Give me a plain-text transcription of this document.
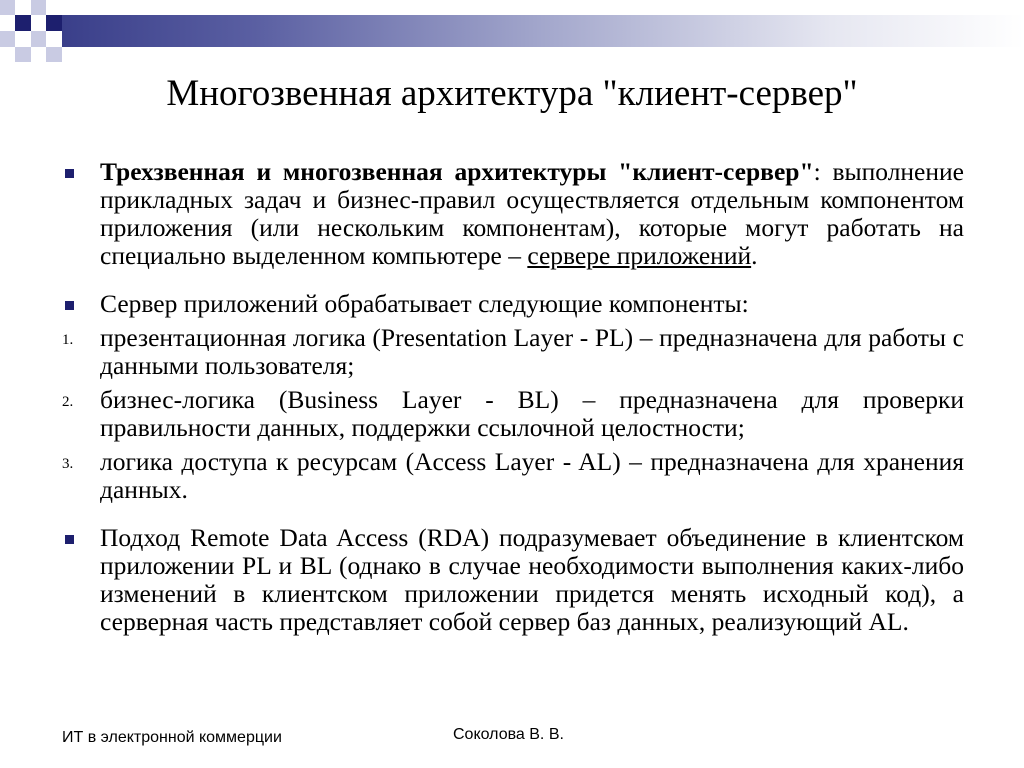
Многозвенная архитектура "клиент-сервер"
Трехзвенная и многозвенная архитектуры "клиент-сервер": выполнение прикладных задач и бизнес-правил осуществляется отдельным компонентом приложения (или нескольким компонентам), которые могут работать на специально выделенном компьютере – сервере приложений.
Сервер приложений обрабатывает следующие компоненты:
1.	презентационная логика (Presentation Layer - PL) – предназначена для работы с данными пользователя;
2.	бизнес-логика (Business Layer - BL) – предназначена для проверки правильности данных, поддержки ссылочной целостности;
3.	логика доступа к ресурсам (Access Layer - AL) – предназначена для хранения данных.
Подход Remote Data Access (RDA) подразумевает объединение в клиентском приложении PL и BL (однако в случае необходимости выполнения каких-либо изменений в клиентском приложении придется менять исходный код), а серверная часть представляет собой сервер баз данных, реализующий AL.
ИТ в электронной коммерции	Соколова В. В.
